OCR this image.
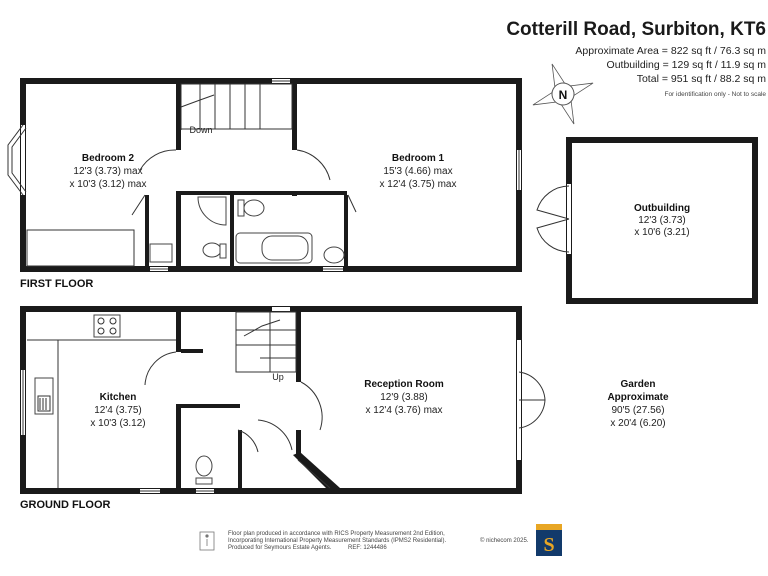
Cotterill Road, Surbiton, KT6
Approximate Area = 822 sq ft / 76.3 sq m
Outbuilding = 129 sq ft / 11.9 sq m
Total = 951 sq ft / 88.2 sq m
For identification only - Not to scale
N
Down
Bedroom 2
12'3 (3.73) max
x 10'3 (3.12) max
Bedroom 1
15'3 (4.66) max
x 12'4 (3.75) max
FIRST FLOOR
Outbuilding
12'3 (3.73)
x 10'6 (3.21)
Up
Kitchen
12'4 (3.75)
x 10'3 (3.12)
Reception Room
12'9 (3.88)
x 12'4 (3.76) max
GROUND FLOOR
Garden
Approximate
90'5 (27.56)
x 20'4 (6.20)
Floor plan produced in accordance with RICS Property Measurement 2nd Edition,
Incorporating International Property Measurement Standards (IPMS2 Residential).
Produced for Seymours Estate Agents.	REF: 1244486
© nichecom 2025. S
